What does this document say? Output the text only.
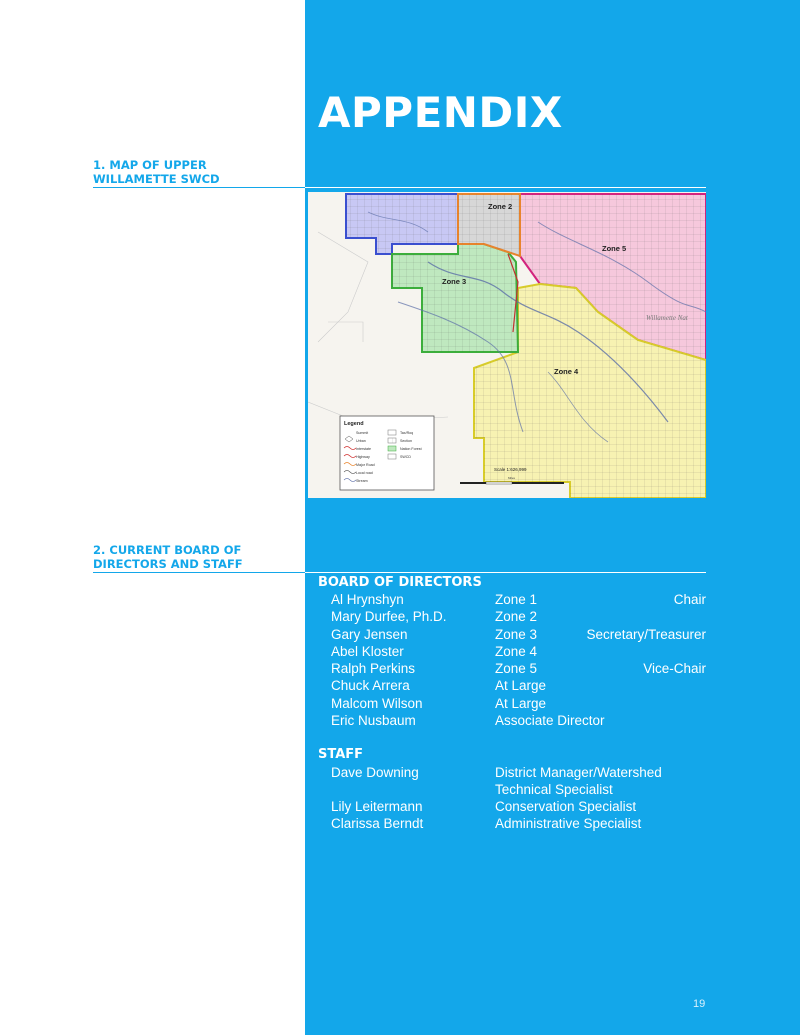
APPENDIX
1. MAP OF UPPER
WILLAMETTE SWCD
Zone 2
Zone 5
Zone 3
Zone 4
Willamette Nat
Legend
Summit
Urban
Interstate
Highway
Major Road
Local road
Stream
Tax/Roq
Section
Nation Forest
SWCD
Scale 1:626,999
Miles
2. CURRENT BOARD OF
DIRECTORS AND STAFF
BOARD OF DIRECTORS
Al Hrynshyn	Zone 1	Chair
Mary Durfee, Ph.D.	Zone 2
Gary Jensen	Zone 3	Secretary/Treasurer
Abel Kloster	Zone 4
Ralph Perkins	Zone 5	Vice-Chair
Chuck Arrera	At Large
Malcom Wilson	At Large
Eric Nusbaum	Associate Director
STAFF
Dave Downing	District Manager/Watershed
Technical Specialist
Lily Leitermann	Conservation Specialist
Clarissa Berndt	Administrative Specialist
19
